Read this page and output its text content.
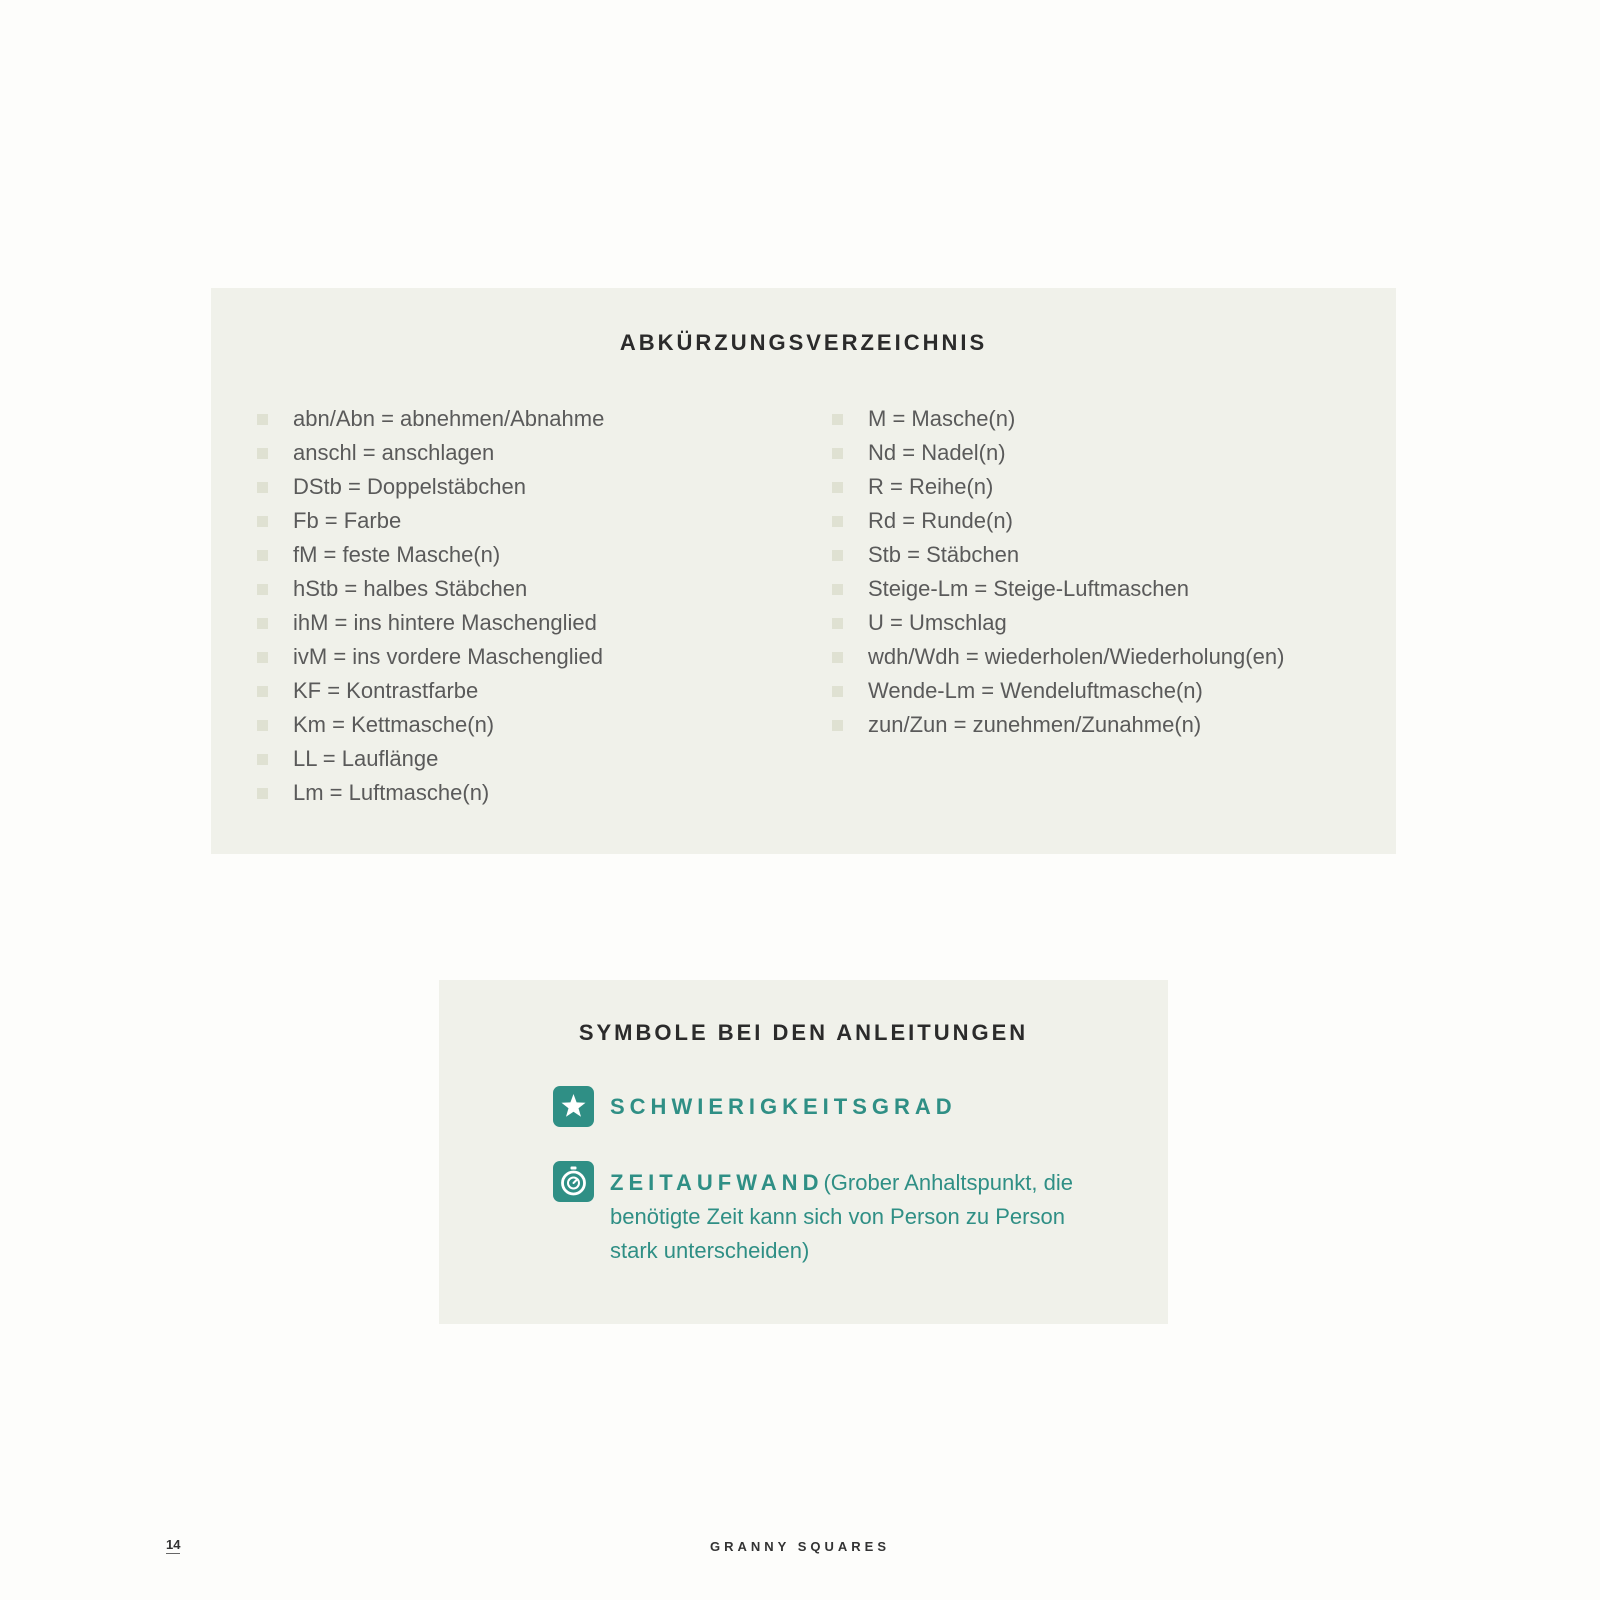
ABKÜRZUNGSVERZEICHNIS
abn/Abn = abnehmen/Abnahme
anschl = anschlagen
DStb = Doppelstäbchen
Fb = Farbe
fM = feste Masche(n)
hStb = halbes Stäbchen
ihM = ins hintere Maschenglied
ivM = ins vordere Maschenglied
KF = Kontrastfarbe
Km = Kettmasche(n)
LL = Lauflänge
Lm = Luftmasche(n)
M = Masche(n)
Nd = Nadel(n)
R = Reihe(n)
Rd = Runde(n)
Stb = Stäbchen
Steige-Lm = Steige-Luftmaschen
U = Umschlag
wdh/Wdh = wiederholen/Wiederholung(en)
Wende-Lm = Wendeluftmasche(n)
zun/Zun = zunehmen/Zunahme(n)
SYMBOLE BEI DEN ANLEITUNGEN
SCHWIERIGKEITSGRAD
ZEITAUFWAND(Grober Anhaltspunkt, die benötigte Zeit kann sich von Person zu Person stark unterscheiden)
14	GRANNY SQUARES
